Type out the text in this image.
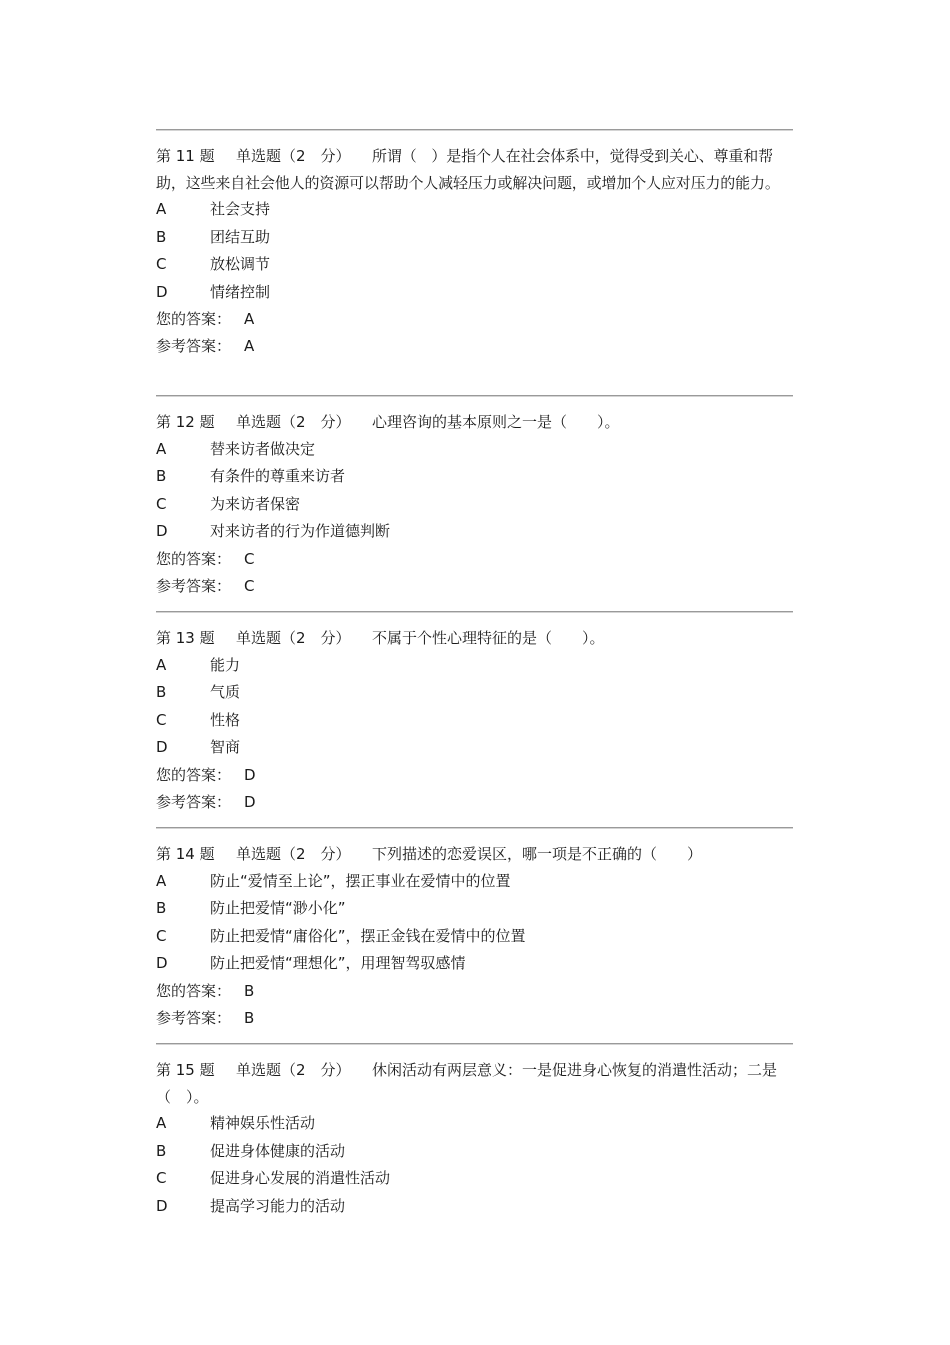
第 11 题 单选题（2　分） 所谓（　）是指个人在社会体系中，觉得受到关心、尊重和帮助，这些来自社会他人的资源可以帮助个人减轻压力或解决问题，或增加个人应对压力的能力。

A	社会支持
B	团结互助
C	放松调节
D	情绪控制
您的答案： A
参考答案： A

第 12 题 单选题（2　分） 心理咨询的基本原则之一是（　　）。

A	替来访者做决定
B	有条件的尊重来访者
C	为来访者保密
D	对来访者的行为作道德判断
您的答案： C
参考答案： C

第 13 题 单选题（2　分） 不属于个性心理特征的是（　　）。

A	能力
B	气质
C	性格
D	智商
您的答案： D
参考答案： D

第 14 题 单选题（2　分） 下列描述的恋爱误区，哪一项是不正确的（　　）

A	防止“爱情至上论”，摆正事业在爱情中的位置
B	防止把爱情“渺小化”
C	防止把爱情“庸俗化”，摆正金钱在爱情中的位置
D	防止把爱情“理想化”，用理智驾驭感情
您的答案： B
参考答案： B

第 15 题 单选题（2　分） 休闲活动有两层意义：一是促进身心恢复的消遣性活动；二是（　）。

A	精神娱乐性活动
B	促进身体健康的活动
C	促进身心发展的消遣性活动
D	提高学习能力的活动
